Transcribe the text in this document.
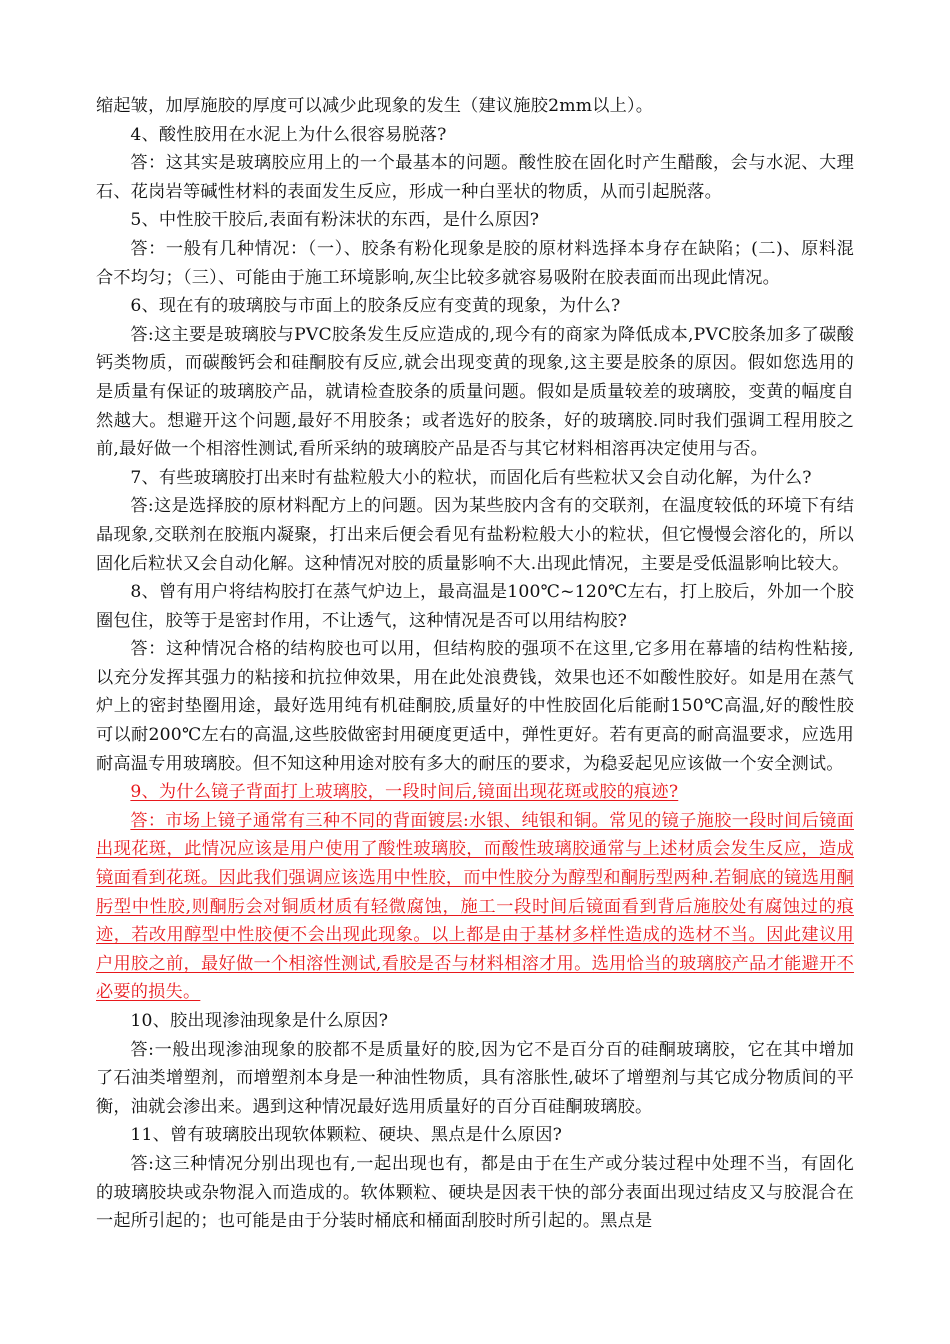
缩起皱，加厚施胶的厚度可以减少此现象的发生（建议施胶2mm以上）。

4、酸性胶用在水泥上为什么很容易脱落?

答：这其实是玻璃胶应用上的一个最基本的问题。酸性胶在固化时产生醋酸，会与水泥、大理石、花岗岩等碱性材料的表面发生反应，形成一种白垩状的物质，从而引起脱落。

5、中性胶干胶后,表面有粉沫状的东西，是什么原因?

答：一般有几种情况：（一）、胶条有粉化现象是胶的原材料选择本身存在缺陷；(二)、原料混合不均匀；（三）、可能由于施工环境影响,灰尘比较多就容易吸附在胶表面而出现此情况。

6、现在有的玻璃胶与市面上的胶条反应有变黄的现象，为什么?

答:这主要是玻璃胶与PVC胶条发生反应造成的,现今有的商家为降低成本,PVC胶条加多了碳酸钙类物质，而碳酸钙会和硅酮胶有反应,就会出现变黄的现象,这主要是胶条的原因。假如您选用的是质量有保证的玻璃胶产品，就请检查胶条的质量问题。假如是质量较差的玻璃胶，变黄的幅度自然越大。想避开这个问题,最好不用胶条；或者选好的胶条，好的玻璃胶.同时我们强调工程用胶之前,最好做一个相溶性测试,看所采纳的玻璃胶产品是否与其它材料相溶再决定使用与否。

7、有些玻璃胶打出来时有盐粒般大小的粒状，而固化后有些粒状又会自动化解，为什么?

答:这是选择胶的原材料配方上的问题。因为某些胶内含有的交联剂，在温度较低的环境下有结晶现象,交联剂在胶瓶内凝聚，打出来后便会看见有盐粉粒般大小的粒状，但它慢慢会溶化的，所以固化后粒状又会自动化解。这种情况对胶的质量影响不大.出现此情况，主要是受低温影响比较大。

8、曾有用户将结构胶打在蒸气炉边上，最高温是100℃~120℃左右，打上胶后，外加一个胶圈包住，胶等于是密封作用，不让透气，这种情况是否可以用结构胶?

答：这种情况合格的结构胶也可以用，但结构胶的强项不在这里,它多用在幕墙的结构性粘接,以充分发挥其强力的粘接和抗拉伸效果，用在此处浪费钱，效果也还不如酸性胶好。如是用在蒸气炉上的密封垫圈用途，最好选用纯有机硅酮胶,质量好的中性胶固化后能耐150℃高温,好的酸性胶可以耐200℃左右的高温,这些胶做密封用硬度更适中，弹性更好。若有更高的耐高温要求，应选用耐高温专用玻璃胶。但不知这种用途对胶有多大的耐压的要求，为稳妥起见应该做一个安全测试。

9、为什么镜子背面打上玻璃胶，一段时间后,镜面出现花斑或胶的痕迹?

答：市场上镜子通常有三种不同的背面镀层:水银、纯银和铜。常见的镜子施胶一段时间后镜面出现花斑，此情况应该是用户使用了酸性玻璃胶，而酸性玻璃胶通常与上述材质会发生反应，造成镜面看到花斑。因此我们强调应该选用中性胶，而中性胶分为醇型和酮肟型两种.若铜底的镜选用酮肟型中性胶,则酮肟会对铜质材质有轻微腐蚀，施工一段时间后镜面看到背后施胶处有腐蚀过的痕迹，若改用醇型中性胶便不会出现此现象。以上都是由于基材多样性造成的选材不当。因此建议用户用胶之前，最好做一个相溶性测试,看胶是否与材料相溶才用。选用恰当的玻璃胶产品才能避开不必要的损失。

10、胶出现渗油现象是什么原因?

答:一般出现渗油现象的胶都不是质量好的胶,因为它不是百分百的硅酮玻璃胶，它在其中增加了石油类增塑剂，而增塑剂本身是一种油性物质，具有溶胀性,破坏了增塑剂与其它成分物质间的平衡，油就会渗出来。遇到这种情况最好选用质量好的百分百硅酮玻璃胶。

11、曾有玻璃胶出现软体颗粒、硬块、黑点是什么原因?

答:这三种情况分别出现也有,一起出现也有，都是由于在生产或分装过程中处理不当，有固化的玻璃胶块或杂物混入而造成的。软体颗粒、硬块是因表干快的部分表面出现过结皮又与胶混合在一起所引起的；也可能是由于分装时桶底和桶面刮胶时所引起的。黑点是
